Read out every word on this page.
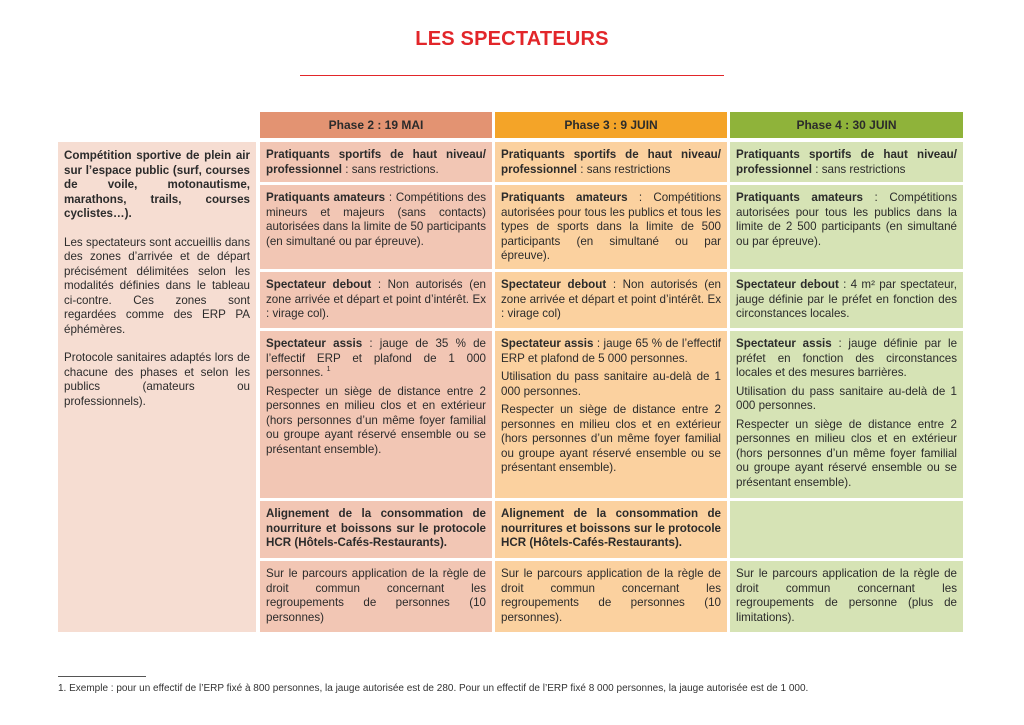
LES SPECTATEURS
Phase 2 : 19 MAI	Phase 3 : 9 JUIN	Phase 4 : 30 JUIN

Compétition sportive de plein air sur l’espace public (surf, courses de voile, motonautisme, marathons, trails, courses cyclistes…).

Les spectateurs sont accueillis dans des zones d’arrivée et de départ précisément délimitées selon les modalités définies dans le tableau ci-contre. Ces zones sont regardées comme des ERP PA éphémères.

Protocole sanitaires adaptés lors de chacune des phases et selon les publics (amateurs ou professionnels).

Pratiquants sportifs de haut niveau/ professionnel : sans restrictions.

Pratiquants sportifs de haut niveau/ professionnel : sans restrictions

Pratiquants sportifs de haut niveau/ professionnel : sans restrictions

Pratiquants amateurs : Compétitions des mineurs et majeurs (sans contacts) autorisées dans la limite de 50 participants (en simultané ou par épreuve).

Pratiquants amateurs : Compétitions autorisées pour tous les publics et tous les types de sports dans la limite de 500 participants (en simultané ou par épreuve).

Pratiquants amateurs : Compétitions autorisées pour tous les publics dans la limite de 2 500 participants (en simultané ou par épreuve).

Spectateur debout : Non autorisés (en zone arrivée et départ et point d’intérêt. Ex : virage col).

Spectateur debout : Non autorisés (en zone arrivée et départ et point d’intérêt. Ex : virage col)

Spectateur debout : 4 m² par spectateur, jauge définie par le préfet en fonction des circonstances locales.

Spectateur assis : jauge de 35 % de l’effectif ERP et plafond de 1 000 personnes. $^1$

Respecter un siège de distance entre 2 personnes en milieu clos et en extérieur (hors personnes d’un même foyer familial ou groupe ayant réservé ensemble ou se présentant ensemble).

Spectateur assis : jauge 65 % de l’effectif ERP et plafond de 5 000 personnes.

Utilisation du pass sanitaire au-delà de 1 000 personnes.

Respecter un siège de distance entre 2 personnes en milieu clos et en extérieur (hors personnes d’un même foyer familial ou groupe ayant réservé ensemble ou se présentant ensemble).

Spectateur assis : jauge définie par le préfet en fonction des circonstances locales et des mesures barrières.

Utilisation du pass sanitaire au-delà de 1 000 personnes.

Respecter un siège de distance entre 2 personnes en milieu clos et en extérieur (hors personnes d’un même foyer familial ou groupe ayant réservé ensemble ou se présentant ensemble).

Alignement de la consommation de nourriture et boissons sur le protocole HCR (Hôtels-Cafés-Restaurants).

Alignement de la consommation de nourritures et boissons sur le protocole HCR (Hôtels-Cafés-Restaurants).

Sur le parcours application de la règle de droit commun concernant les regroupements de personnes (10 personnes)

Sur le parcours application de la règle de droit commun concernant les regroupements de personnes (10 personnes).

Sur le parcours application de la règle de droit commun concernant les regroupements de personne (plus de limitations).

1. Exemple : pour un effectif de l’ERP fixé à 800 personnes, la jauge autorisée est de 280. Pour un effectif de l’ERP fixé 8 000 personnes, la jauge autorisée est de 1 000.
